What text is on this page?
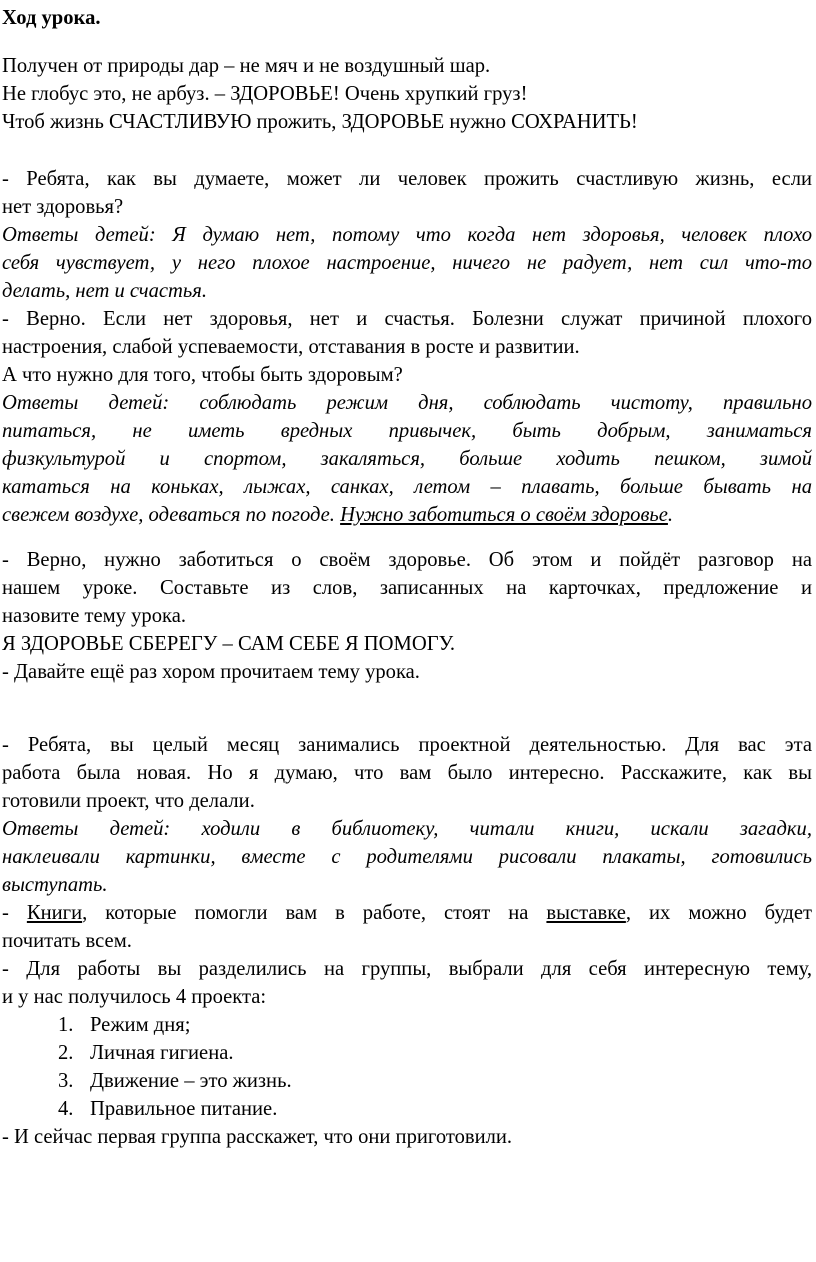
Ход урока.
Получен от природы дар – не мяч и не воздушный шар.
Не глобус это, не арбуз. – ЗДОРОВЬЕ! Очень хрупкий груз!
Чтоб жизнь СЧАСТЛИВУЮ прожить, ЗДОРОВЬЕ нужно СОХРАНИТЬ!
- Ребята, как вы думаете, может ли человек прожить счастливую жизнь, если
нет здоровья?
Ответы детей: Я думаю нет, потому что когда нет здоровья, человек плохо
себя чувствует, у него плохое настроение, ничего не радует, нет сил что-то
делать, нет и счастья.
- Верно. Если нет здоровья, нет и счастья. Болезни служат причиной плохого
настроения, слабой успеваемости, отставания в росте и развитии.
А что нужно для того, чтобы быть здоровым?
Ответы детей: соблюдать режим дня, соблюдать чистоту, правильно
питаться, не иметь вредных привычек, быть добрым, заниматься
физкультурой и спортом, закаляться, больше ходить пешком, зимой
кататься на коньках, лыжах, санках, летом – плавать, больше бывать на
свежем воздухе, одеваться по погоде. Нужно заботиться о своём здоровье.
- Верно, нужно заботиться о своём здоровье. Об этом и пойдёт разговор на
нашем уроке. Составьте из слов, записанных на карточках, предложение и
назовите тему урока.
Я ЗДОРОВЬЕ СБЕРЕГУ – САМ СЕБЕ Я ПОМОГУ.
- Давайте ещё раз хором прочитаем тему урока.
- Ребята, вы целый месяц занимались проектной деятельностью. Для вас эта
работа была новая. Но я думаю, что вам было интересно. Расскажите, как вы
готовили проект, что делали.
Ответы детей: ходили в библиотеку, читали книги, искали загадки,
наклеивали картинки, вместе с родителями рисовали плакаты, готовились
выступать.
- Книги, которые помогли вам в работе, стоят на выставке, их можно будет
почитать всем.
- Для работы вы разделились на группы, выбрали для себя интересную тему,
и у нас получилось 4 проекта:
1. Режим дня;
2. Личная гигиена.
3. Движение – это жизнь.
4. Правильное питание.
- И сейчас первая группа расскажет, что они приготовили.
